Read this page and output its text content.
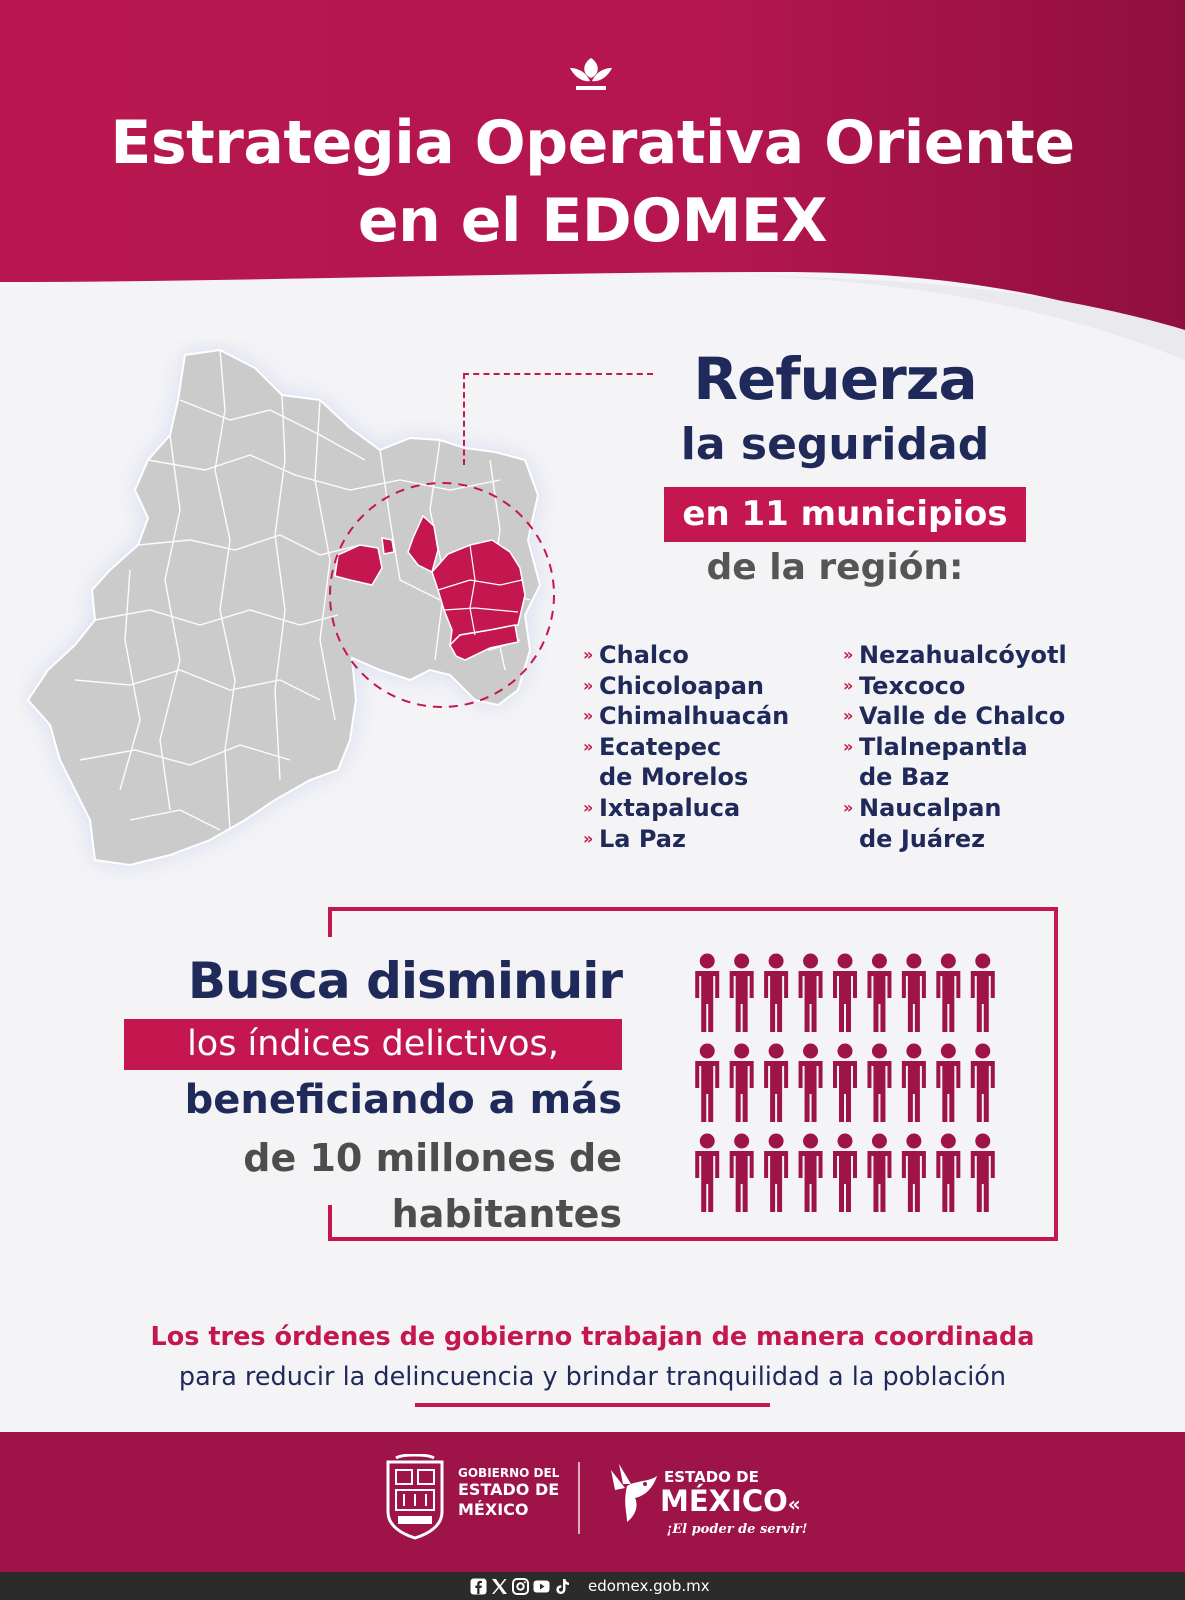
Estrategia Operativa Oriente
en el EDOMEX
Refuerza
la seguridad
en 11 municipios
de la región:
» Chalco
» Chicoloapan
» Chimalhuacán
» Ecatepec
de Morelos
» Ixtapaluca
» La Paz
» Nezahualcóyotl
» Texcoco
» Valle de Chalco
» Tlalnepantla
de Baz
» Naucalpan
de Juárez
Busca disminuir
los índices delictivos,
beneficiando a más
de 10 millones de
habitantes
Los tres órdenes de gobierno trabajan de manera coordinada
para reducir la delincuencia y brindar tranquilidad a la población
GOBIERNO DEL
ESTADO DE
MÉXICO
ESTADO DE
MÉXICO«
¡El poder de servir!
edomex.gob.mx
